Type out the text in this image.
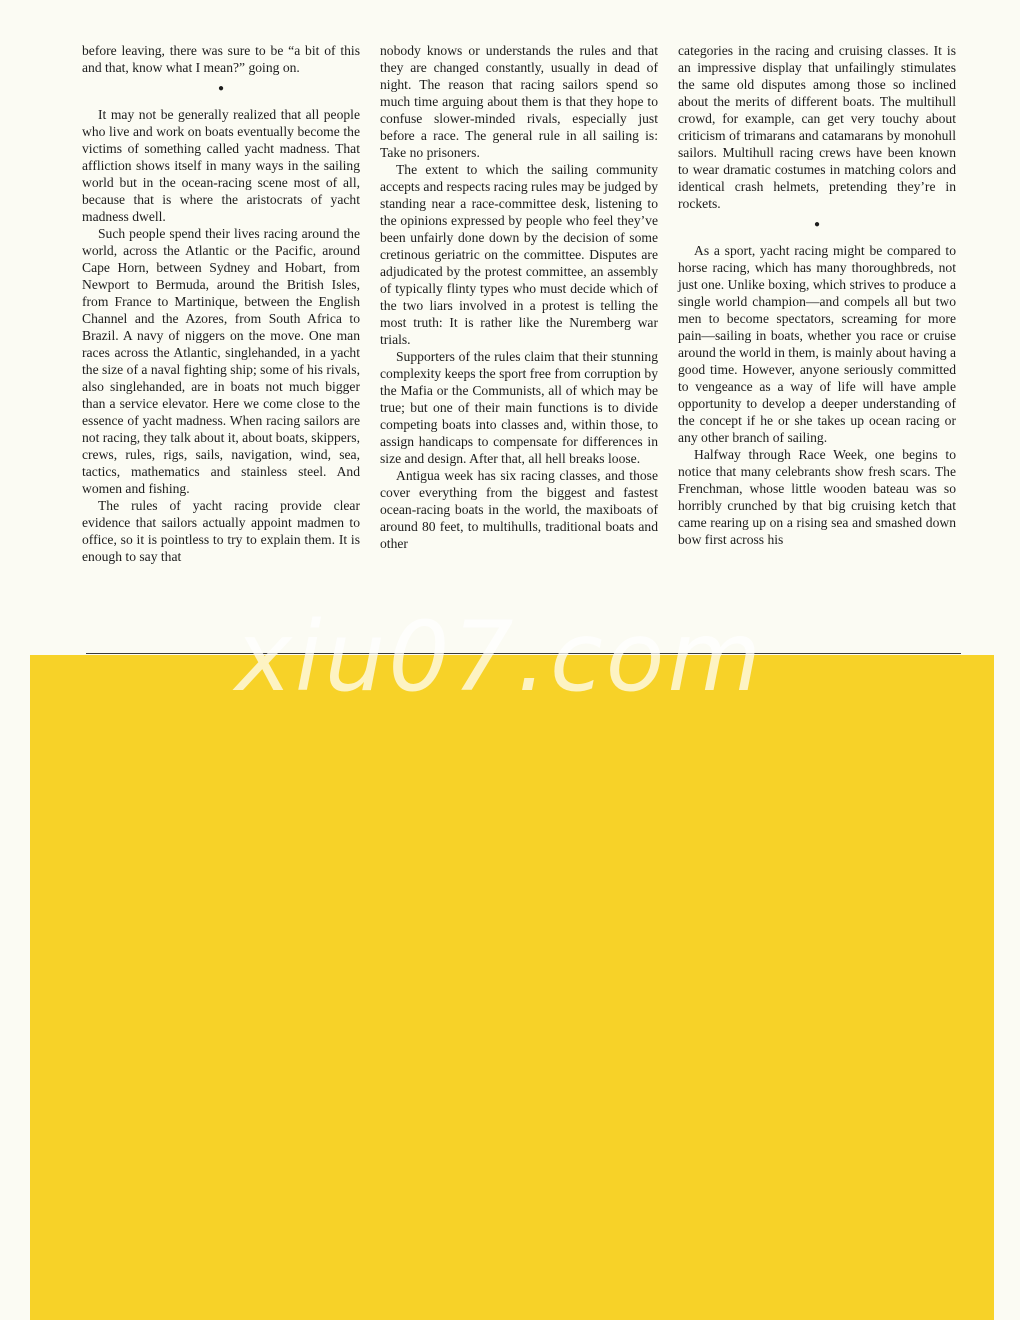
before leaving, there was sure to be “a bit of this and that, know what I mean?” going on.

●

It may not be generally realized that all people who live and work on boats eventually become the victims of something called yacht madness. That affliction shows itself in many ways in the sailing world but in the ocean-racing scene most of all, because that is where the aristocrats of yacht madness dwell.

Such people spend their lives racing around the world, across the Atlantic or the Pacific, around Cape Horn, between Sydney and Hobart, from Newport to Bermuda, around the British Isles, from France to Martinique, between the English Channel and the Azores, from South Africa to Brazil. A navy of niggers on the move. One man races across the Atlantic, singlehanded, in a yacht the size of a naval fighting ship; some of his rivals, also singlehanded, are in boats not much bigger than a service elevator. Here we come close to the essence of yacht madness. When racing sailors are not racing, they talk about it, about boats, skippers, crews, rules, rigs, sails, navigation, wind, sea, tactics, mathematics and stainless steel. And women and fishing.

The rules of yacht racing provide clear evidence that sailors actually appoint madmen to office, so it is pointless to try to explain them. It is enough to say that

nobody knows or understands the rules and that they are changed constantly, usually in dead of night. The reason that racing sailors spend so much time arguing about them is that they hope to confuse slower-minded rivals, especially just before a race. The general rule in all sailing is: Take no prisoners.

The extent to which the sailing community accepts and respects racing rules may be judged by standing near a race-committee desk, listening to the opinions expressed by people who feel they’ve been unfairly done down by the decision of some cretinous geriatric on the committee. Disputes are adjudicated by the protest committee, an assembly of typically flinty types who must decide which of the two liars involved in a protest is telling the most truth: It is rather like the Nuremberg war trials.

Supporters of the rules claim that their stunning complexity keeps the sport free from corruption by the Mafia or the Communists, all of which may be true; but one of their main functions is to divide competing boats into classes and, within those, to assign handicaps to compensate for differences in size and design. After that, all hell breaks loose.

Antigua week has six racing classes, and those cover everything from the biggest and fastest ocean-racing boats in the world, the maxiboats of around 80 feet, to multihulls, traditional boats and other

categories in the racing and cruising classes. It is an impressive display that unfailingly stimulates the same old disputes among those so inclined about the merits of different boats. The multihull crowd, for example, can get very touchy about criticism of trimarans and catamarans by monohull sailors. Multihull racing crews have been known to wear dramatic costumes in matching colors and identical crash helmets, pretending they’re in rockets.

●

As a sport, yacht racing might be compared to horse racing, which has many thoroughbreds, not just one. Unlike boxing, which strives to produce a single world champion—and compels all but two men to become spectators, screaming for more pain—sailing in boats, whether you race or cruise around the world in them, is mainly about having a good time. However, anyone seriously committed to vengeance as a way of life will have ample opportunity to develop a deeper understanding of the concept if he or she takes up ocean racing or any other branch of sailing.

Halfway through Race Week, one begins to notice that many celebrants show fresh scars. The Frenchman, whose little wooden bateau was so horribly crunched by that big cruising ketch that came rearing up on a rising sea and smashed down bow first across his

xiu07.com
